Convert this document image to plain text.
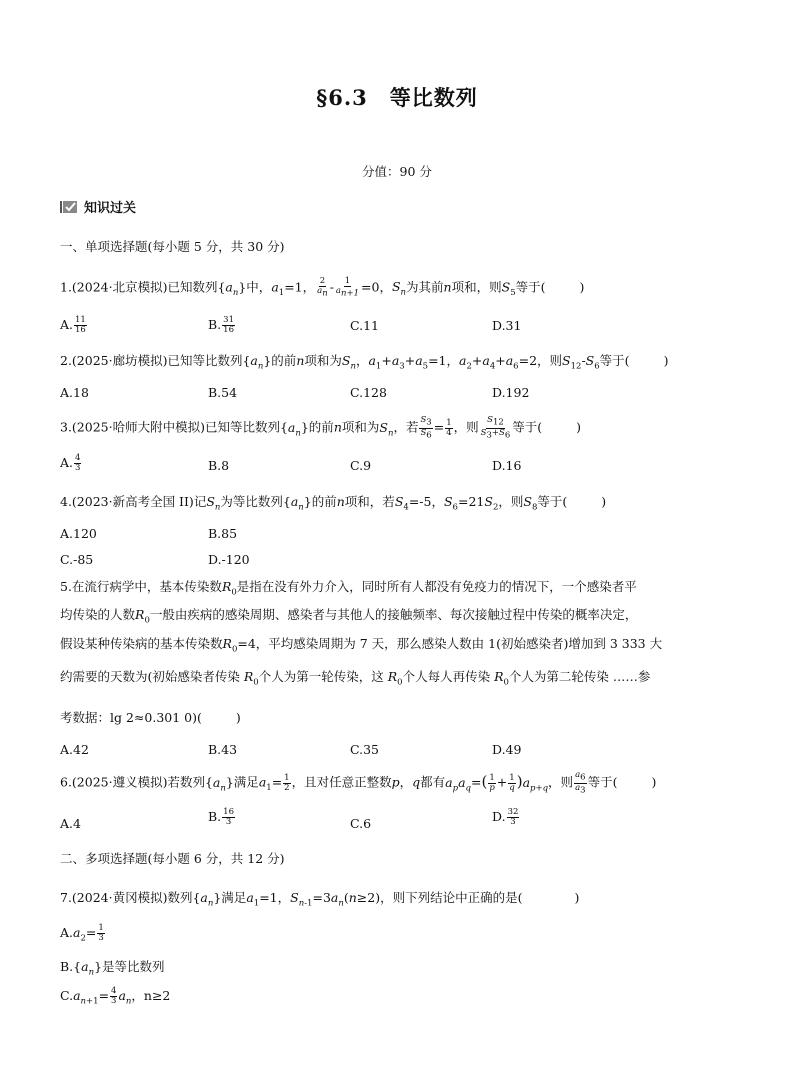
§6.3　等比数列
分值：90 分
知识过关
一、单项选择题(每小题 5 分，共 30 分)
1.(2024·北京模拟)已知数列$\{a_n\}$中，$a_1=1$， $\frac{2}{a_n} - \frac{1}{a_{n+1}} =0$，$S_n$为其前n项和，则$S_5$等于(	)
A. $\frac{11}{16}$	B. $\frac{31}{16}$	C.11	D.31
2.(2025·廊坊模拟)已知等比数列$\{a_n\}$的前n项和为$S_n$，$a_1+a_3+a_5=1$，$a_2+a_4+a_6=2$，则$S_{12}-S_6$等于(	)
A.18	B.54	C.128	D.192
3.(2025·哈师大附中模拟)已知等比数列$\{a_n\}$的前n项和为$S_n$，若 $\frac{S_3}{S_6} = \frac{1}{4}$ ，则 $\frac{S_{12}}{S_3+S_6}$ 等于(	)
A. $\frac{4}{3}$	B.8	C.9	D.16
4.(2023·新高考全国 II)记$S_n$为等比数列$\{a_n\}$的前n项和，若$S_4=-5$，$S_6=21S_2$，则$S_8$等于(	)
A.120	B.85
C.-85	D.-120
5.在流行病学中，基本传染数$R_0$是指在没有外力介入，同时所有人都没有免疫力的情况下，一个感染者平
均传染的人数$R_0$一般由疾病的感染周期、感染者与其他人的接触频率、每次接触过程中传染的概率决定，
假设某种传染病的基本传染数$R_0=4$，平均感染周期为 7 天，那么感染人数由 1(初始感染者)增加到 3 333 大
约需要的天数为(初始感染者传染 $R_0$个人为第一轮传染，这 $R_0$个人每人再传染 $R_0$个人为第二轮传染 ……参
考数据：lg 2≈0.301 0)(	)
A.42	B.43	C.35	D.49
6.(2025·遵义模拟)若数列$\{a_n\}$满足$a_1= \frac{1}{2}$ ，且对任意正整数p，q都有$a_pa_q=( \frac{1}{p} + \frac{1}{q} )a_{p+q}$，则 $\frac{a_6}{a_3}$ 等于(	)
A.4	B. $\frac{16}{3}$	C.6	D. $\frac{32}{3}$
二、多项选择题(每小题 6 分，共 12 分)
7.(2024·黄冈模拟)数列$\{a_n\}$满足$a_1=1$，$S_{n-1}=3a_n(n\ge 2)$，则下列结论中正确的是(	)
$A.a_2= \frac{1}{3}$
$B.\{a_n\}$是等比数列
$C.a_{n+1}= \frac{4}{3} a_n$，n≥2
